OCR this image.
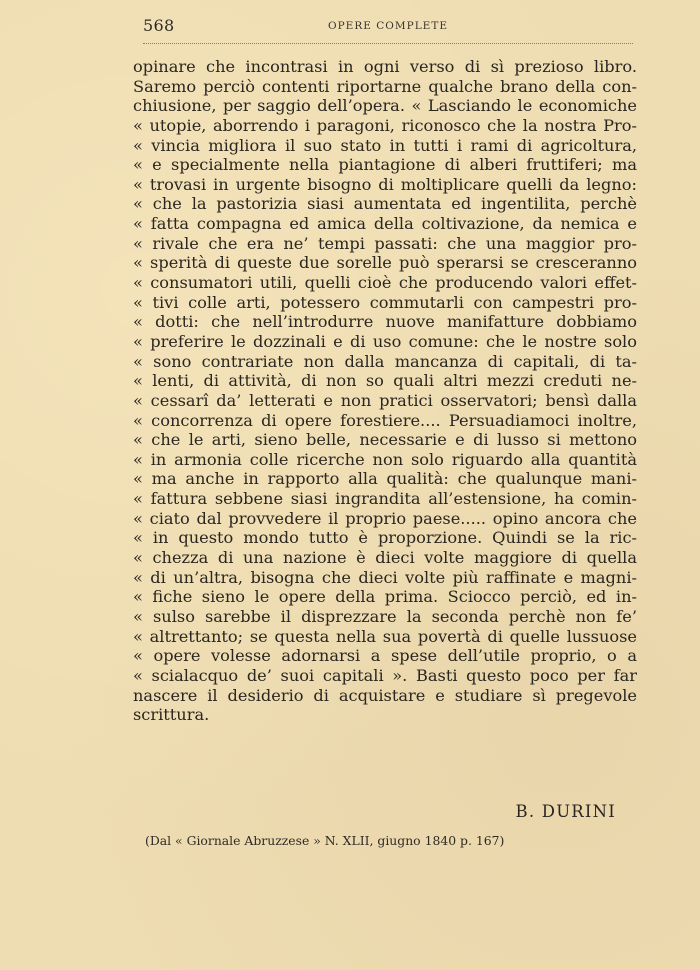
568	OPERE COMPLETE
opinare che incontrasi in ogni verso di sì prezioso libro.
Saremo perciò contenti riportarne qualche brano della con-
chiusione, per saggio dell’opera. « Lasciando le economiche
« utopie, aborrendo i paragoni, riconosco che la nostra Pro-
« vincia migliora il suo stato in tutti i rami di agricoltura,
« e specialmente nella piantagione di alberi fruttiferi; ma
« trovasi in urgente bisogno di moltiplicare quelli da legno:
« che la pastorizia siasi aumentata ed ingentilita, perchè
« fatta compagna ed amica della coltivazione, da nemica e
« rivale che era ne’ tempi passati: che una maggior pro-
« sperità di queste due sorelle può sperarsi se cresceranno
« consumatori utili, quelli cioè che producendo valori effet-
« tivi colle arti, potessero commutarli con campestri pro-
« dotti: che nell’introdurre nuove manifatture dobbiamo
« preferire le dozzinali e di uso comune: che le nostre solo
« sono contrariate non dalla mancanza di capitali, di ta-
« lenti, di attività, di non so quali altri mezzi creduti ne-
« cessarî da’ letterati e non pratici osservatori; bensì dalla
« concorrenza di opere forestiere.... Persuadiamoci inoltre,
« che le arti, sieno belle, necessarie e di lusso si mettono
« in armonia colle ricerche non solo riguardo alla quantità
« ma anche in rapporto alla qualità: che qualunque mani-
« fattura sebbene siasi ingrandita all’estensione, ha comin-
« ciato dal provvedere il proprio paese..... opino ancora che
« in questo mondo tutto è proporzione. Quindi se la ric-
« chezza di una nazione è dieci volte maggiore di quella
« di un’altra, bisogna che dieci volte più raffinate e magni-
« fiche sieno le opere della prima. Sciocco perciò, ed in-
« sulso sarebbe il disprezzare la seconda perchè non fe’
« altrettanto; se questa nella sua povertà di quelle lussuose
« opere volesse adornarsi a spese dell’utile proprio, o a
« scialacquo de’ suoi capitali ». Basti questo poco per far
nascere il desiderio di acquistare e studiare sì pregevole
scrittura.
B. DURINI
(Dal « Giornale Abruzzese » N. XLII, giugno 1840 p. 167)
